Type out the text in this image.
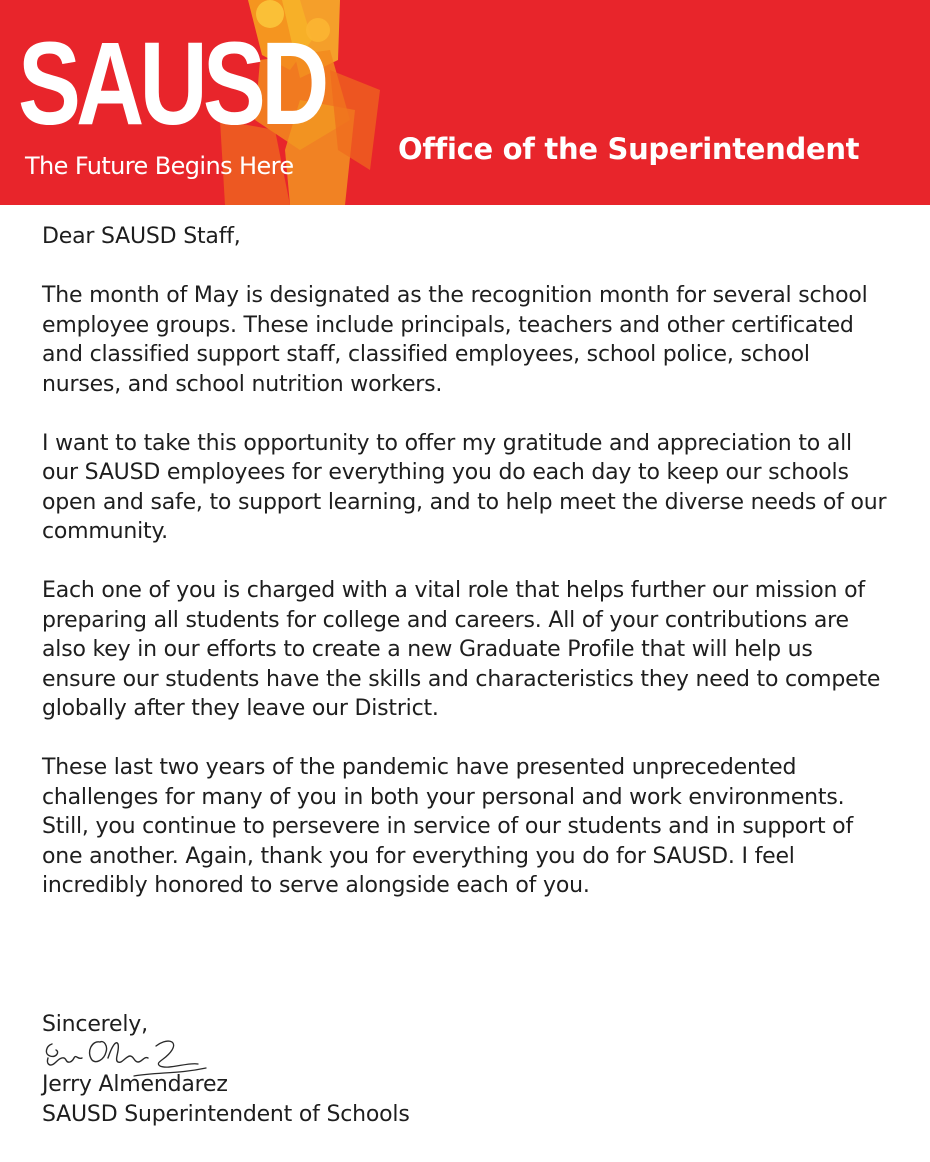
SAUSD
The Future Begins Here	Office of the Superintendent

Dear SAUSD Staff,

The month of May is designated as the recognition month for several school employee groups. These include principals, teachers and other certificated and classified support staff, classified employees, school police, school nurses, and school nutrition workers.

I want to take this opportunity to offer my gratitude and appreciation to all our SAUSD employees for everything you do each day to keep our schools open and safe, to support learning, and to help meet the diverse needs of our community.

Each one of you is charged with a vital role that helps further our mission of preparing all students for college and careers. All of your contributions are also key in our efforts to create a new Graduate Profile that will help us ensure our students have the skills and characteristics they need to compete globally after they leave our District.

These last two years of the pandemic have presented unprecedented challenges for many of you in both your personal and work environments. Still, you continue to persevere in service of our students and in support of one another. Again, thank you for everything you do for SAUSD. I feel incredibly honored to serve alongside each of you.

Sincerely,
Jerry Almendarez
SAUSD Superintendent of Schools
